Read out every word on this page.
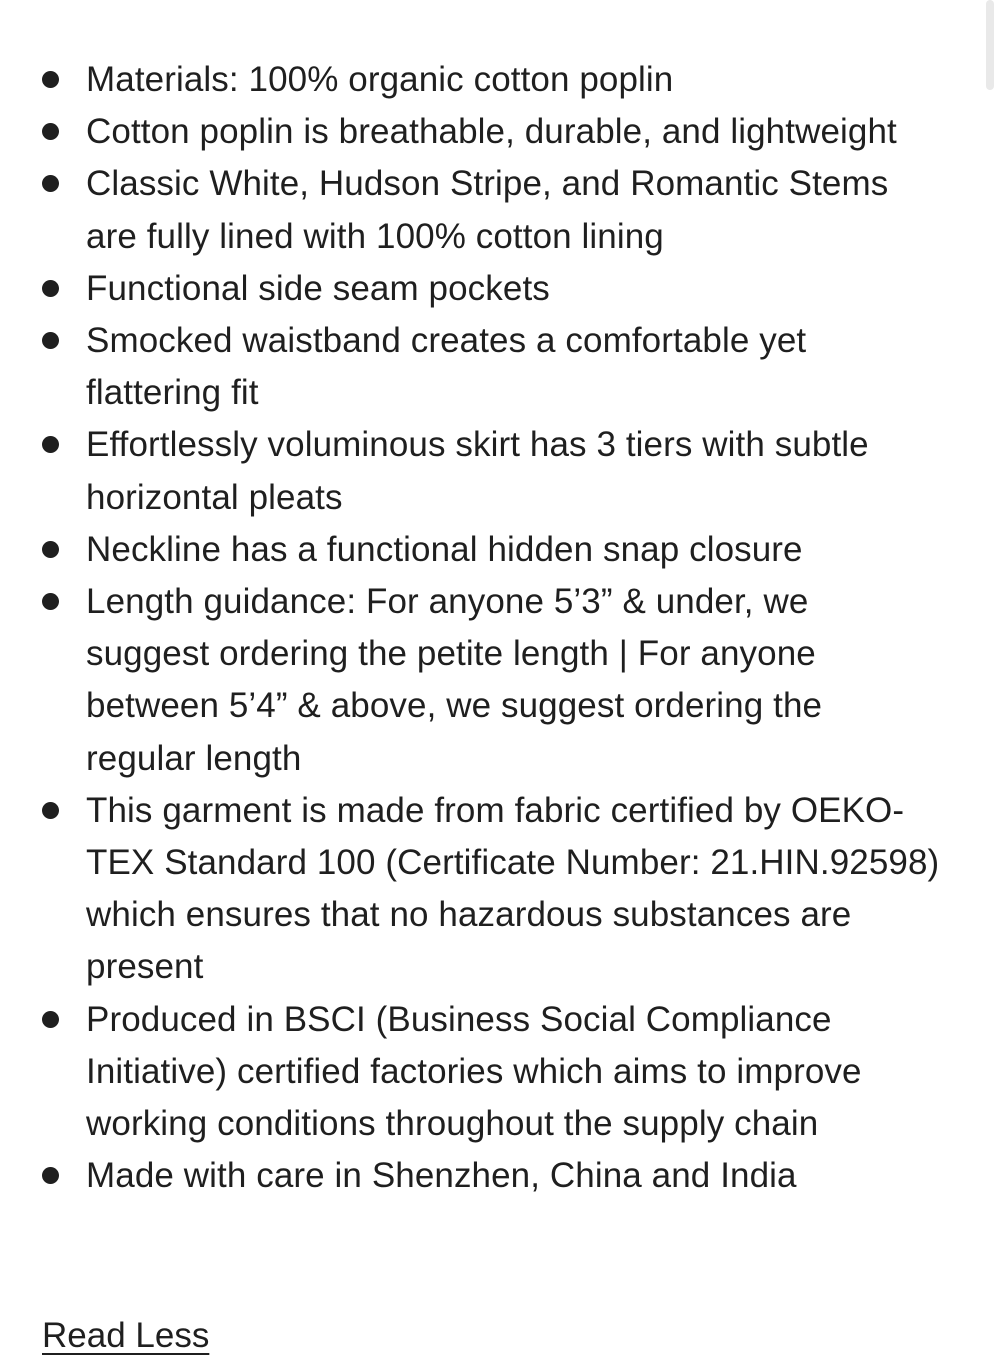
Materials: 100% organic cotton poplin
Cotton poplin is breathable, durable, and lightweight
Classic White, Hudson Stripe, and Romantic Stems are fully lined with 100% cotton lining
Functional side seam pockets
Smocked waistband creates a comfortable yet flattering fit
Effortlessly voluminous skirt has 3 tiers with subtle horizontal pleats
Neckline has a functional hidden snap closure
Length guidance: For anyone 5’3” & under, we suggest ordering the petite length | For anyone between 5’4” & above, we suggest ordering the regular length
This garment is made from fabric certified by OEKO-TEX Standard 100 (Certificate Number: 21.HIN.92598) which ensures that no hazardous substances are present
Produced in BSCI (Business Social Compliance Initiative) certified factories which aims to improve working conditions throughout the supply chain
Made with care in Shenzhen, China and India
Read Less
